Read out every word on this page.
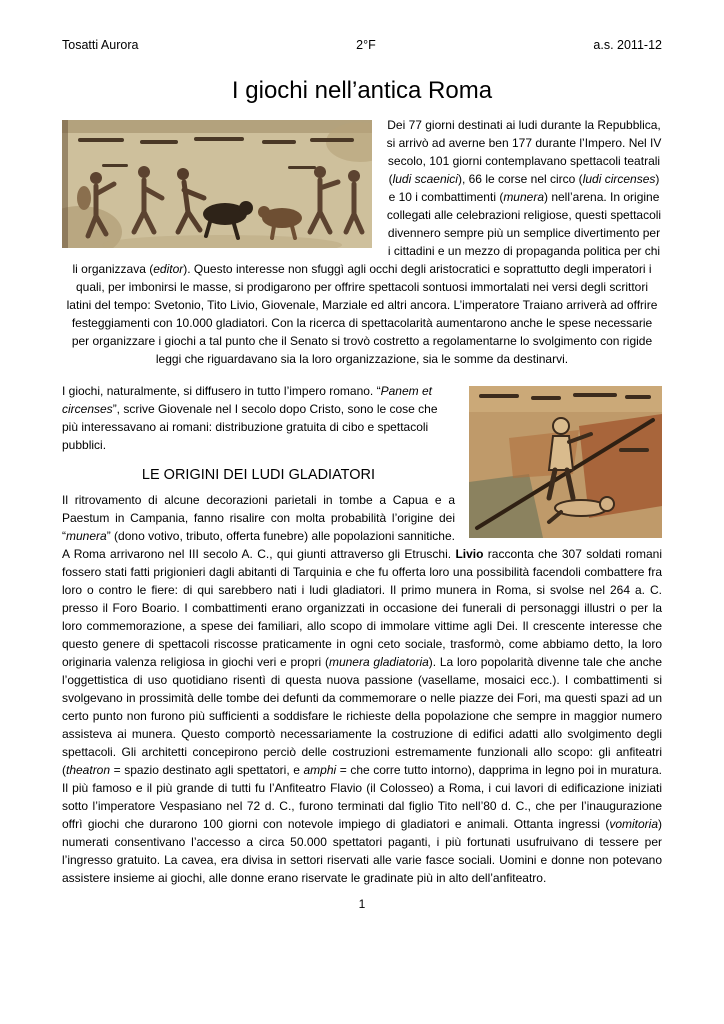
Tosatti Aurora	2°F	a.s. 2011-12
I giochi nell’antica Roma

Dei 77 giorni destinati ai ludi durante la Repubblica, si arrivò ad averne ben 177 durante l’Impero. Nel IV secolo, 101 giorni contemplavano spettacoli teatrali (ludi scaenici), 66 le corse nel circo (ludi circenses) e 10 i combattimenti (munera) nell’arena. In origine collegati alle celebrazioni religiose, questi spettacoli divennero sempre più un semplice divertimento per i cittadini e un mezzo di propaganda politica per chi li organizzava (editor). Questo interesse non sfuggì agli occhi degli aristocratici e soprattutto degli imperatori i quali, per imbonirsi le masse, si prodigarono per offrire spettacoli sontuosi immortalati nei versi degli scrittori latini del tempo: Svetonio, Tito Livio, Giovenale, Marziale ed altri ancora. L’imperatore Traiano arriverà ad offrire festeggiamenti con 10.000 gladiatori. Con la ricerca di spettacolarità aumentarono anche le spese necessarie per organizzare i giochi a tal punto che il Senato si trovò costretto a regolamentarne lo svolgimento con rigide leggi che riguardavano sia la loro organizzazione, sia le somme da destinarvi.

I giochi, naturalmente, si diffusero in tutto l’impero romano. “Panem et circenses”, scrive Giovenale nel I secolo dopo Cristo, sono le cose che più interessavano ai romani: distribuzione gratuita di cibo e spettacoli pubblici.

LE ORIGINI DEI LUDI GLADIATORI

Il ritrovamento di alcune decorazioni parietali in tombe a Capua e a Paestum in Campania, fanno risalire con molta probabilità l’origine dei “munera” (dono votivo, tributo, offerta funebre) alle popolazioni sannitiche. A Roma arrivarono nel III secolo A. C., qui giunti attraverso gli Etruschi. Livio racconta che 307 soldati romani fossero stati fatti prigionieri dagli abitanti di Tarquinia e che fu offerta loro una possibilità facendoli combattere fra loro o contro le fiere: di qui sarebbero nati i ludi gladiatori. Il primo munera in Roma, si svolse nel 264 a. C. presso il Foro Boario. I combattimenti erano organizzati in occasione dei funerali di personaggi illustri o per la loro commemorazione, a spese dei familiari, allo scopo di immolare vittime agli Dei. Il crescente interesse che questo genere di spettacoli riscosse praticamente in ogni ceto sociale, trasformò, come abbiamo detto, la loro originaria valenza religiosa in giochi veri e propri (munera gladiatoria). La loro popolarità divenne tale che anche l’oggettistica di uso quotidiano risentì di questa nuova passione (vasellame, mosaici ecc.). I combattimenti si svolgevano in prossimità delle tombe dei defunti da commemorare o nelle piazze dei Fori, ma questi spazi ad un certo punto non furono più sufficienti a soddisfare le richieste della popolazione che sempre in maggior numero assisteva ai munera. Questo comportò necessariamente la costruzione di edifici adatti allo svolgimento degli spettacoli. Gli architetti concepirono perciò delle costruzioni estremamente funzionali allo scopo: gli anfiteatri (theatron = spazio destinato agli spettatori, e amphi = che corre tutto intorno), dapprima in legno poi in muratura. Il più famoso e il più grande di tutti fu l’Anfiteatro Flavio (il Colosseo) a Roma, i cui lavori di edificazione iniziati sotto l’imperatore Vespasiano nel 72 d. C., furono terminati dal figlio Tito nell’80 d. C., che per l’inaugurazione offrì giochi che durarono 100 giorni con notevole impiego di gladiatori e animali. Ottanta ingressi (vomitoria) numerati consentivano l’accesso a circa 50.000 spettatori paganti, i più fortunati usufruivano di tessere per l’ingresso gratuito. La cavea, era divisa in settori riservati alle varie fasce sociali. Uomini e donne non potevano assistere insieme ai giochi, alle donne erano riservate le gradinate più in alto dell’anfiteatro.

1
